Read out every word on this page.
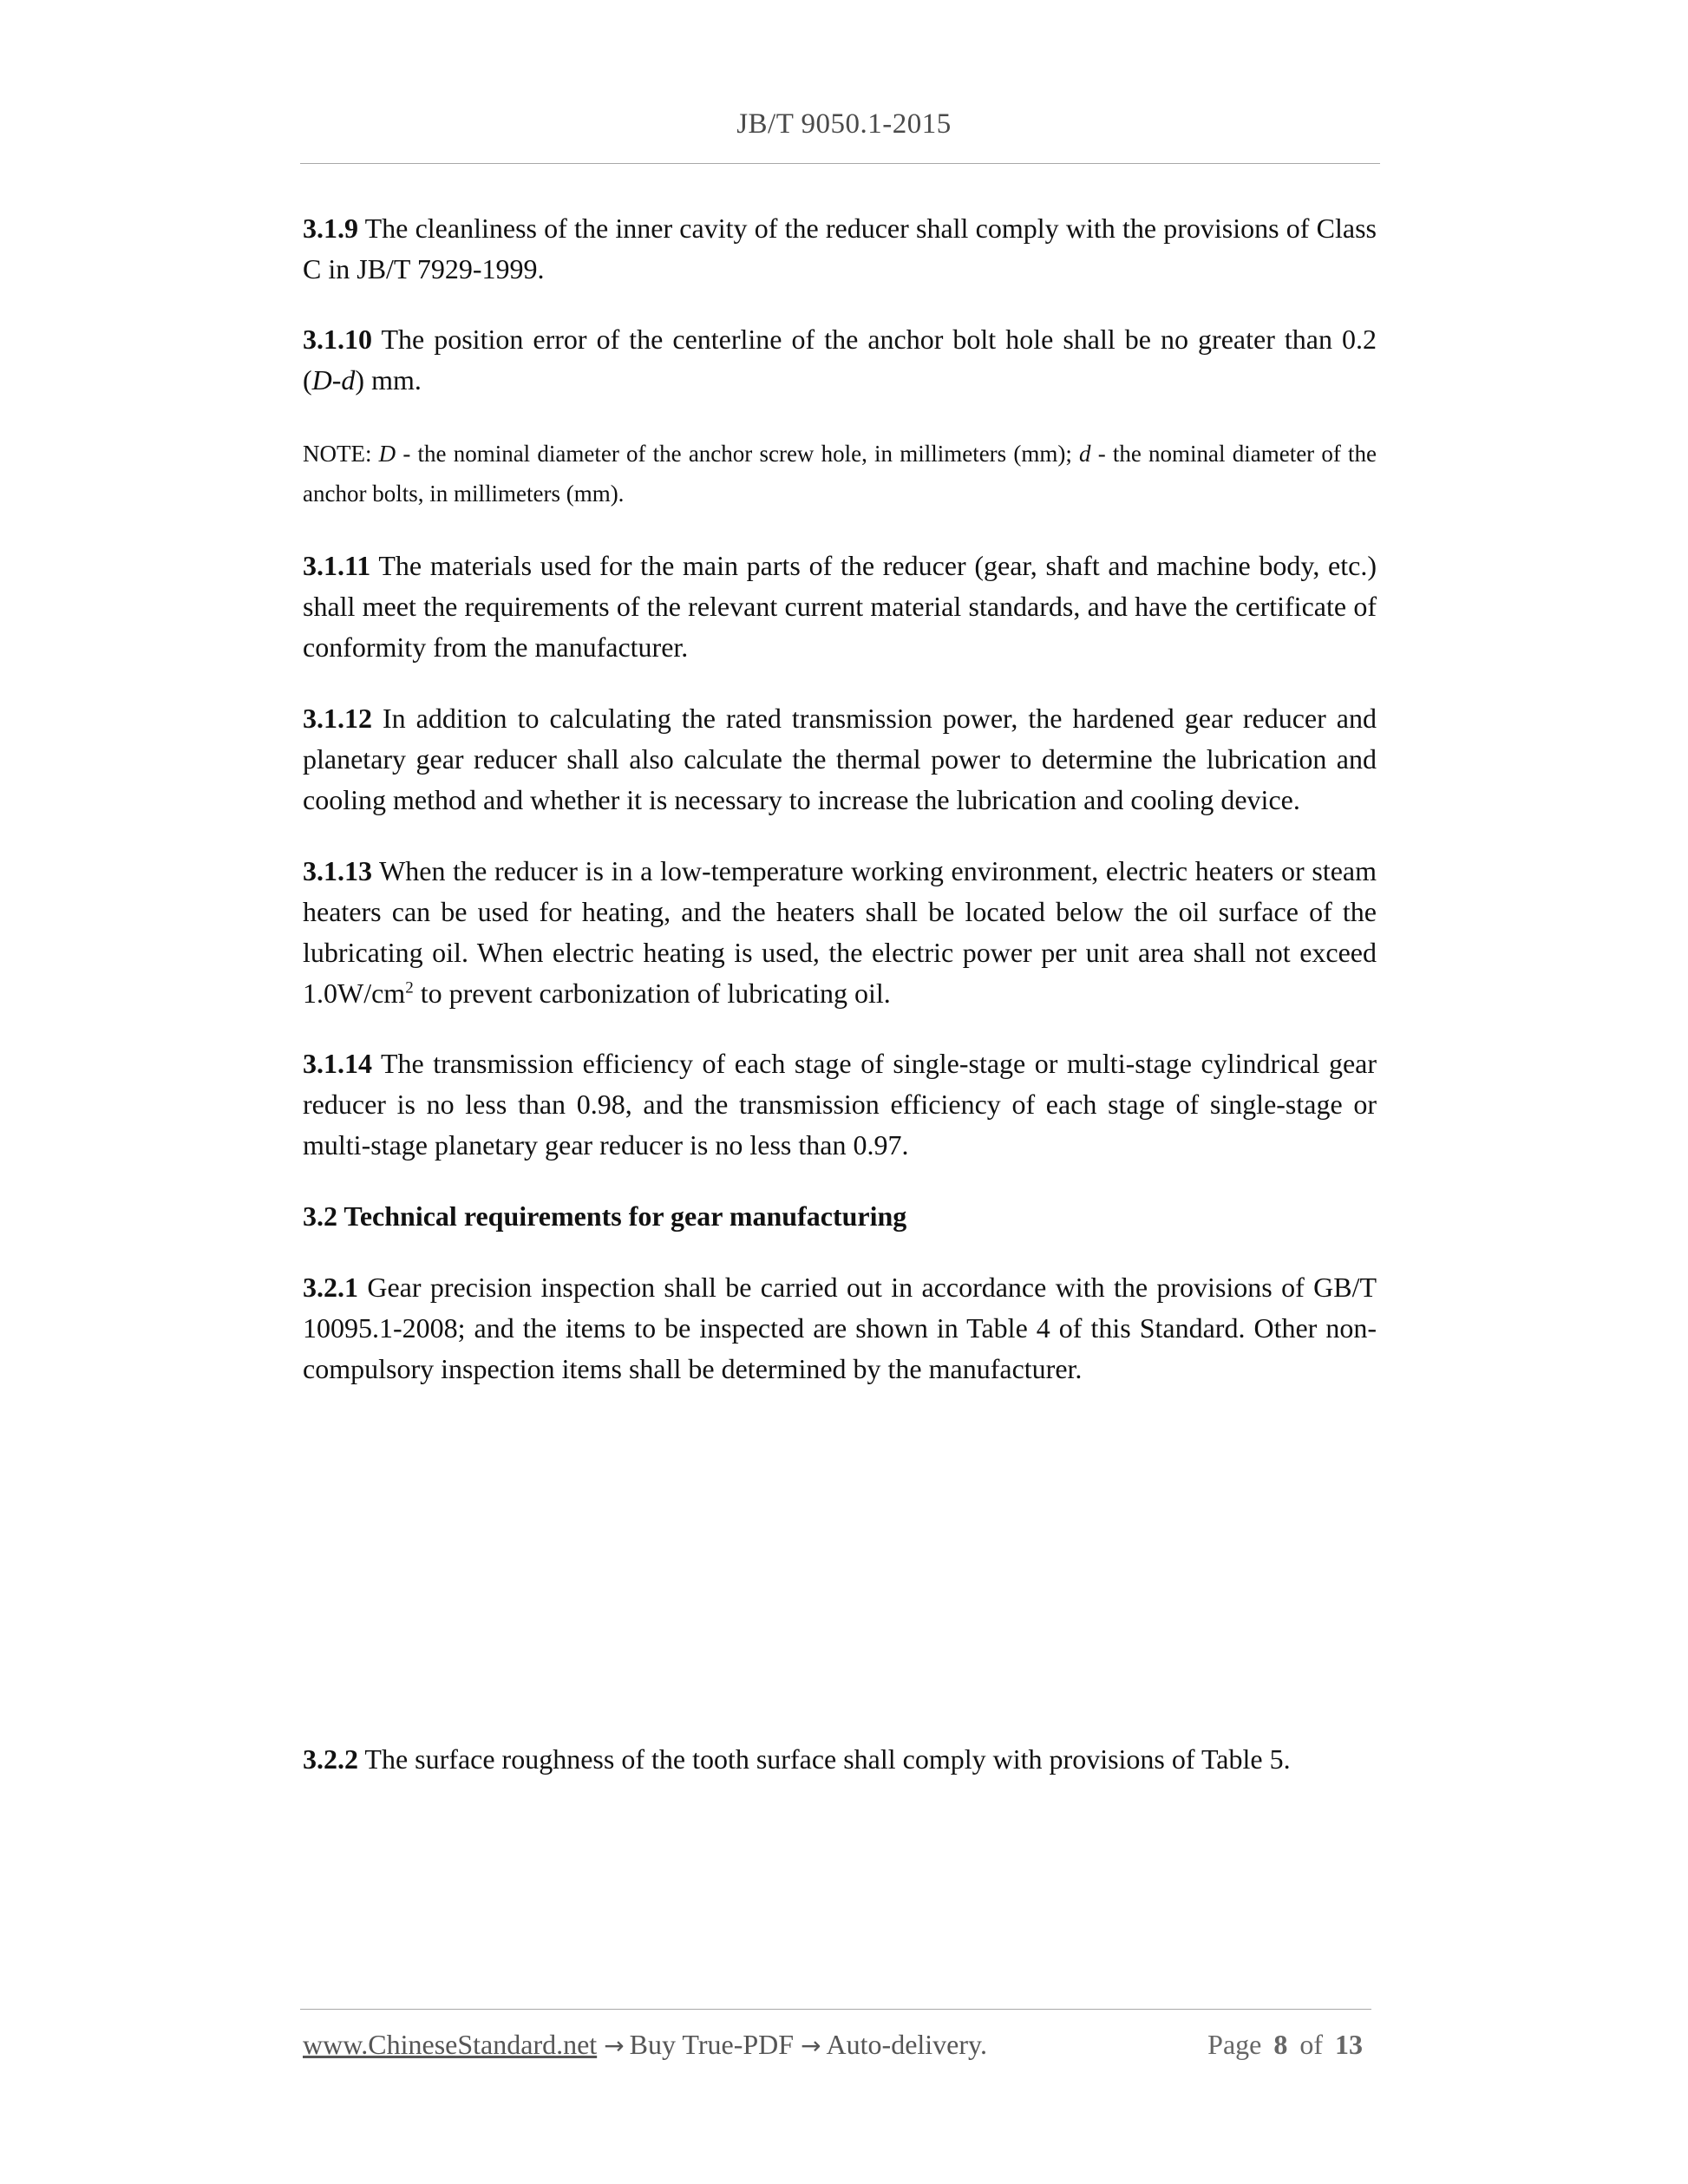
JB/T 9050.1-2015

3.1.9 The cleanliness of the inner cavity of the reducer shall comply with the provisions of Class C in JB/T 7929-1999.

3.1.10 The position error of the centerline of the anchor bolt hole shall be no greater than 0.2 (D-d) mm.

NOTE: D - the nominal diameter of the anchor screw hole, in millimeters (mm); d - the nominal diameter of the anchor bolts, in millimeters (mm).

3.1.11 The materials used for the main parts of the reducer (gear, shaft and machine body, etc.) shall meet the requirements of the relevant current material standards, and have the certificate of conformity from the manufacturer.

3.1.12 In addition to calculating the rated transmission power, the hardened gear reducer and planetary gear reducer shall also calculate the thermal power to determine the lubrication and cooling method and whether it is necessary to increase the lubrication and cooling device.

3.1.13 When the reducer is in a low-temperature working environment, electric heaters or steam heaters can be used for heating, and the heaters shall be located below the oil surface of the lubricating oil. When electric heating is used, the electric power per unit area shall not exceed $1.0W/cm^2$ to prevent carbonization of lubricating oil.

3.1.14 The transmission efficiency of each stage of single-stage or multi-stage cylindrical gear reducer is no less than 0.98, and the transmission efficiency of each stage of single-stage or multi-stage planetary gear reducer is no less than 0.97.

3.2 Technical requirements for gear manufacturing

3.2.1 Gear precision inspection shall be carried out in accordance with the provisions of GB/T 10095.1-2008; and the items to be inspected are shown in Table 4 of this Standard. Other non-compulsory inspection items shall be determined by the manufacturer.

3.2.2 The surface roughness of the tooth surface shall comply with provisions of Table 5.

www.ChineseStandard.net → Buy True-PDF → Auto-delivery.	Page 8 of 13
